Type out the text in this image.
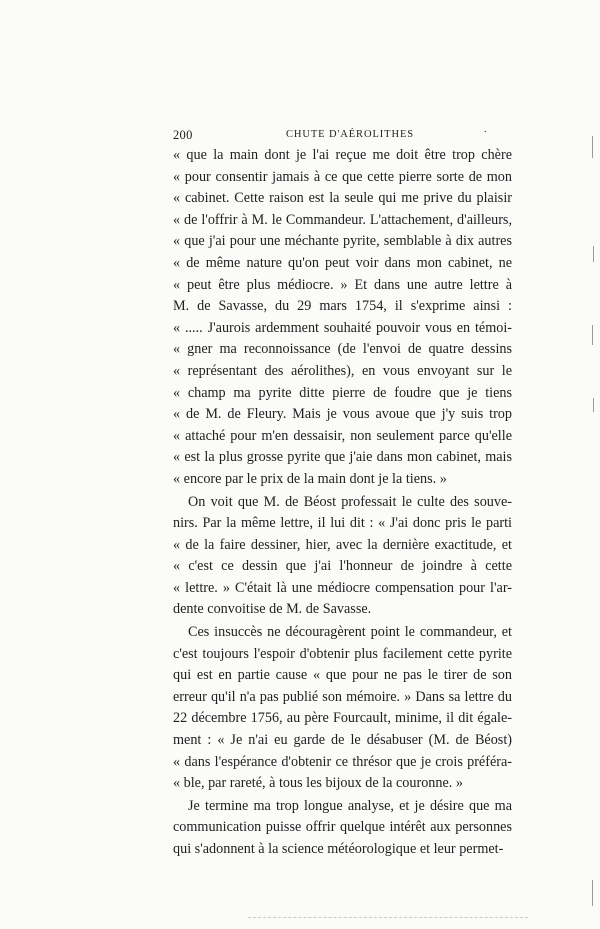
200	CHUTE D'AÉROLITHES	·
« que la main dont je l'ai reçue me doit être trop chère
« pour consentir jamais à ce que cette pierre sorte de mon
« cabinet. Cette raison est la seule qui me prive du plaisir
« de l'offrir à M. le Commandeur. L'attachement, d'ailleurs,
« que j'ai pour une méchante pyrite, semblable à dix autres
« de même nature qu'on peut voir dans mon cabinet, ne
« peut être plus médiocre. » Et dans une autre lettre à
M. de Savasse, du 29 mars 1754, il s'exprime ainsi :
« ..... J'aurois ardemment souhaité pouvoir vous en témoi-
« gner ma reconnoissance (de l'envoi de quatre dessins
« représentant des aérolithes), en vous envoyant sur le
« champ ma pyrite ditte pierre de foudre que je tiens
« de M. de Fleury. Mais je vous avoue que j'y suis trop
« attaché pour m'en dessaisir, non seulement parce qu'elle
« est la plus grosse pyrite que j'aie dans mon cabinet, mais
« encore par le prix de la main dont je la tiens. »
On voit que M. de Béost professait le culte des souve-
nirs. Par la même lettre, il lui dit : « J'ai donc pris le parti
« de la faire dessiner, hier, avec la dernière exactitude, et
« c'est ce dessin que j'ai l'honneur de joindre à cette
« lettre. » C'était là une médiocre compensation pour l'ar-
dente convoitise de M. de Savasse.
Ces insuccès ne découragèrent point le commandeur, et
c'est toujours l'espoir d'obtenir plus facilement cette pyrite
qui est en partie cause « que pour ne pas le tirer de son
erreur qu'il n'a pas publié son mémoire. » Dans sa lettre du
22 décembre 1756, au père Fourcault, minime, il dit égale-
ment : « Je n'ai eu garde de le désabuser (M. de Béost)
« dans l'espérance d'obtenir ce thrésor que je crois préféra-
« ble, par rareté, à tous les bijoux de la couronne. »
Je termine ma trop longue analyse, et je désire que ma
communication puisse offrir quelque intérêt aux personnes
qui s'adonnent à la science météorologique et leur permet-
